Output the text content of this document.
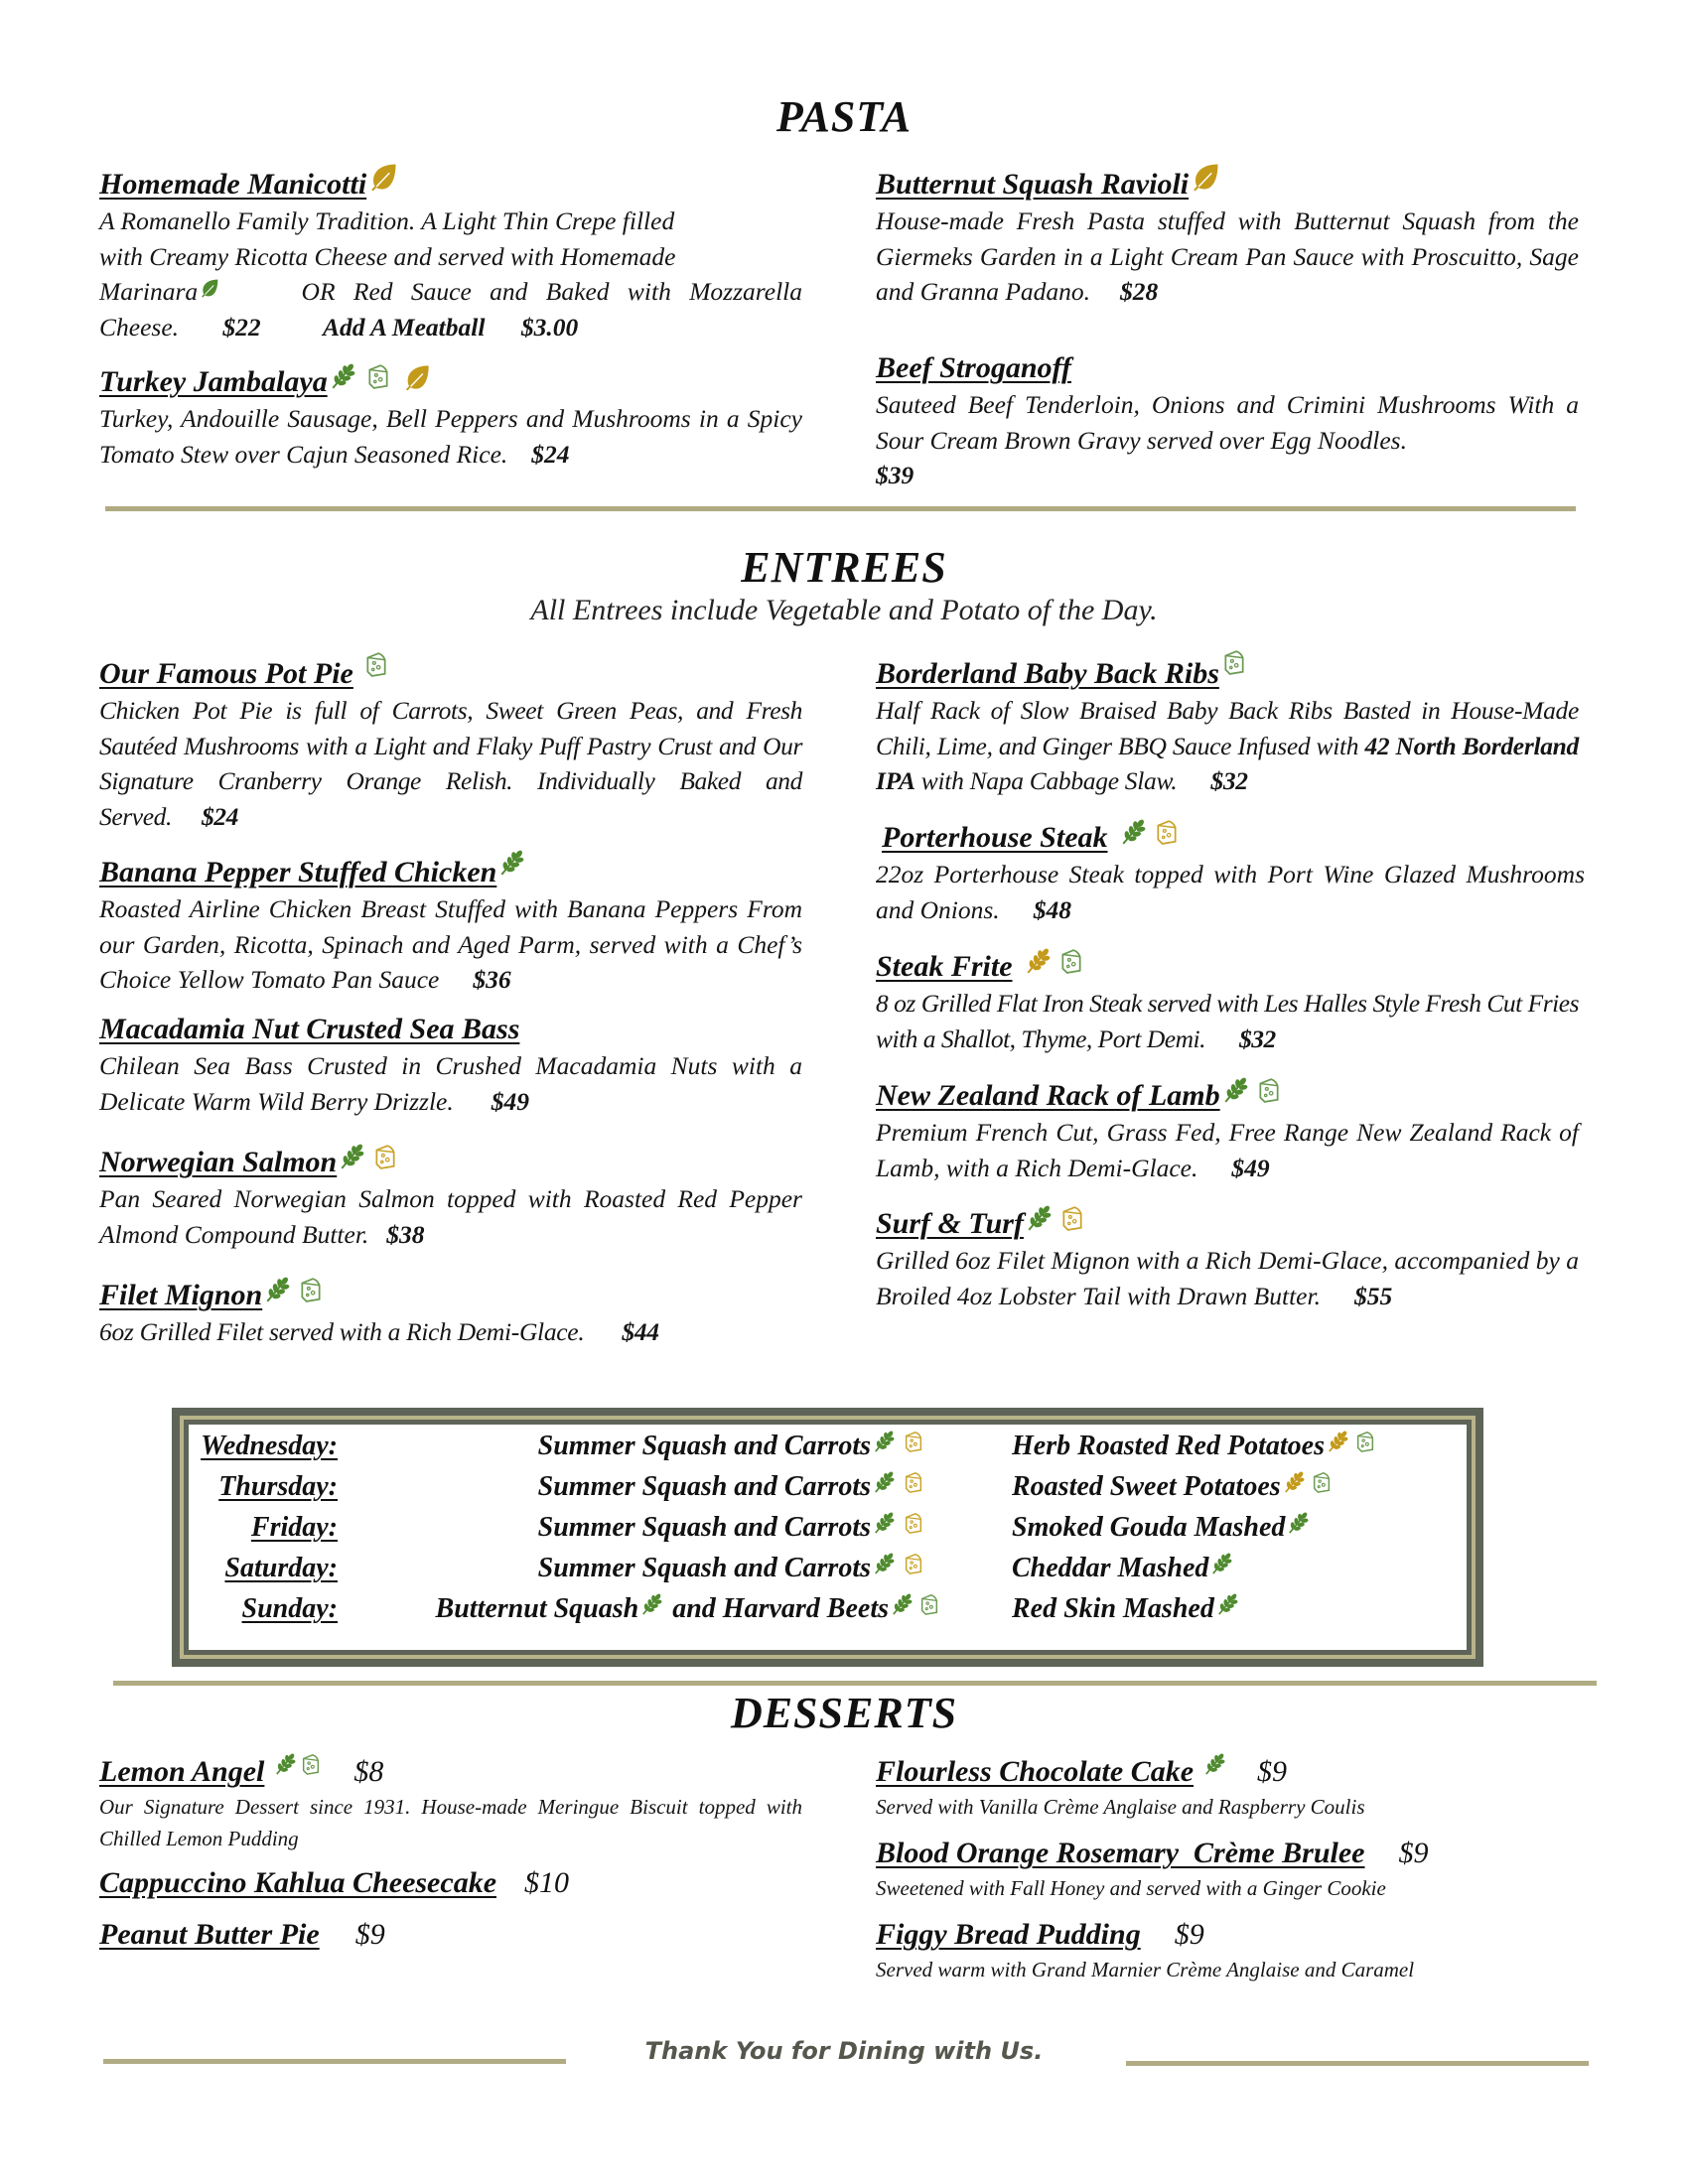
PASTA
Homemade Manicotti
A Romanello Family Tradition. A Light Thin Crepe filled
with Creamy Ricotta Cheese and served with Homemade
Marinara	OR Red Sauce and Baked with Mozzarella
Cheese. $22 Add A Meatball $3.00
Turkey Jambalaya
Turkey, Andouille Sausage, Bell Peppers and Mushrooms in a Spicy Tomato Stew over Cajun Seasoned Rice. $24
Butternut Squash Ravioli
House-made Fresh Pasta stuffed with Butternut Squash from the Giermeks Garden in a Light Cream Pan Sauce with Proscuitto, Sage and Granna Padano. $28
Beef Stroganoff
Sauteed Beef Tenderloin, Onions and Crimini Mushrooms With a Sour Cream Brown Gravy served over Egg Noodles.
$39
ENTREES
All Entrees include Vegetable and Potato of the Day.
Our Famous Pot Pie
Chicken Pot Pie is full of Carrots, Sweet Green Peas, and Fresh Sautéed Mushrooms with a Light and Flaky Puff Pastry Crust and Our Signature Cranberry Orange Relish. Individually Baked and Served. $24
Banana Pepper Stuffed Chicken
Roasted Airline Chicken Breast Stuffed with Banana Peppers From our Garden, Ricotta, Spinach and Aged Parm, served with a Chef’s Choice Yellow Tomato Pan Sauce $36
Macadamia Nut Crusted Sea Bass
Chilean Sea Bass Crusted in Crushed Macadamia Nuts with a Delicate Warm Wild Berry Drizzle. $49
Norwegian Salmon
Pan Seared Norwegian Salmon topped with Roasted Red Pepper Almond Compound Butter. $38
Filet Mignon
6oz Grilled Filet served with a Rich Demi-Glace. $44
Borderland Baby Back Ribs
Half Rack of Slow Braised Baby Back Ribs Basted in House-Made Chili, Lime, and Ginger BBQ Sauce Infused with 42 North Borderland IPA with Napa Cabbage Slaw. $32
Porterhouse Steak
22oz Porterhouse Steak topped with Port Wine Glazed Mushrooms and Onions. $48
Steak Frite
8 oz Grilled Flat Iron Steak served with Les Halles Style Fresh Cut Fries with a Shallot, Thyme, Port Demi. $32
New Zealand Rack of Lamb
Premium French Cut, Grass Fed, Free Range New Zealand Rack of Lamb, with a Rich Demi-Glace. $49
Surf & Turf
Grilled 6oz Filet Mignon with a Rich Demi-Glace, accompanied by a Broiled 4oz Lobster Tail with Drawn Butter. $55
Wednesday:	Summer Squash and Carrots	Herb Roasted Red Potatoes
Thursday:	Summer Squash and Carrots	Roasted Sweet Potatoes
Friday:	Summer Squash and Carrots	Smoked Gouda Mashed
Saturday:	Summer Squash and Carrots	Cheddar Mashed
Sunday:	Butternut Squash and Harvard Beets	Red Skin Mashed
DESSERTS
Lemon Angel	$8
Our Signature Dessert since 1931. House-made Meringue Biscuit topped with Chilled Lemon Pudding
Cappuccino Kahlua Cheesecake $10
Peanut Butter Pie $9
Flourless Chocolate Cake $9
Served with Vanilla Crème Anglaise and Raspberry Coulis
Blood Orange Rosemary  Crème Brulee $9
Sweetened with Fall Honey and served with a Ginger Cookie
Figgy Bread Pudding $9
Served warm with Grand Marnier Crème Anglaise and Caramel
Thank You for Dining with Us.
